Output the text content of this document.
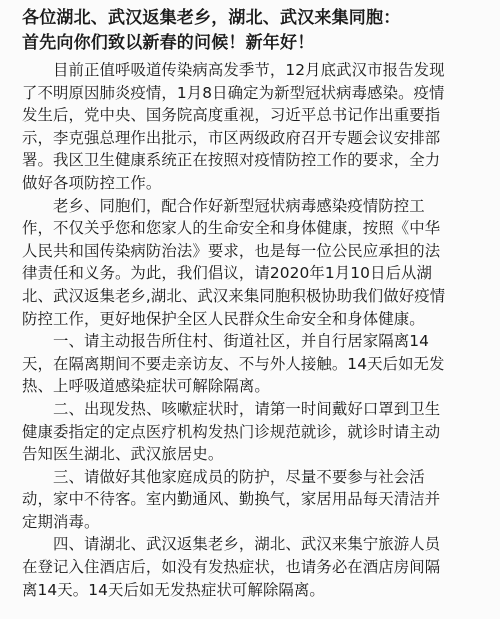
各位湖北、武汉返集老乡，湖北、武汉来集同胞：
首先向你们致以新春的问候！新年好！

目前正值呼吸道传染病高发季节，12月底武汉市报告发现
了不明原因肺炎疫情，1月8日确定为新型冠状病毒感染。疫情
发生后，党中央、国务院高度重视，习近平总书记作出重要指
示，李克强总理作出批示，市区两级政府召开专题会议安排部
署。我区卫生健康系统正在按照对疫情防控工作的要求，全力
做好各项防控工作。

老乡、同胞们，配合作好新型冠状病毒感染疫情防控工
作，不仅关乎您和您家人的生命安全和身体健康，按照《中华
人民共和国传染病防治法》要求，也是每一位公民应承担的法
律责任和义务。为此，我们倡议，请2020年1月10日后从湖
北、武汉返集老乡,湖北、武汉来集同胞积极协助我们做好疫情
防控工作，更好地保护全区人民群众生命安全和身体健康。

一、请主动报告所住村、街道社区，并自行居家隔离14
天，在隔离期间不要走亲访友、不与外人接触。14天后如无发
热、上呼吸道感染症状可解除隔离。

二、出现发热、咳嗽症状时，请第一时间戴好口罩到卫生
健康委指定的定点医疗机构发热门诊规范就诊，就诊时请主动
告知医生湖北、武汉旅居史。

三、请做好其他家庭成员的防护，尽量不要参与社会活
动，家中不待客。室内勤通风、勤换气，家居用品每天清洁并
定期消毒。

四、请湖北、武汉返集老乡，湖北、武汉来集宁旅游人员
在登记入住酒店后，如没有发热症状，也请务必在酒店房间隔
离14天。14天后如无发热症状可解除隔离。
